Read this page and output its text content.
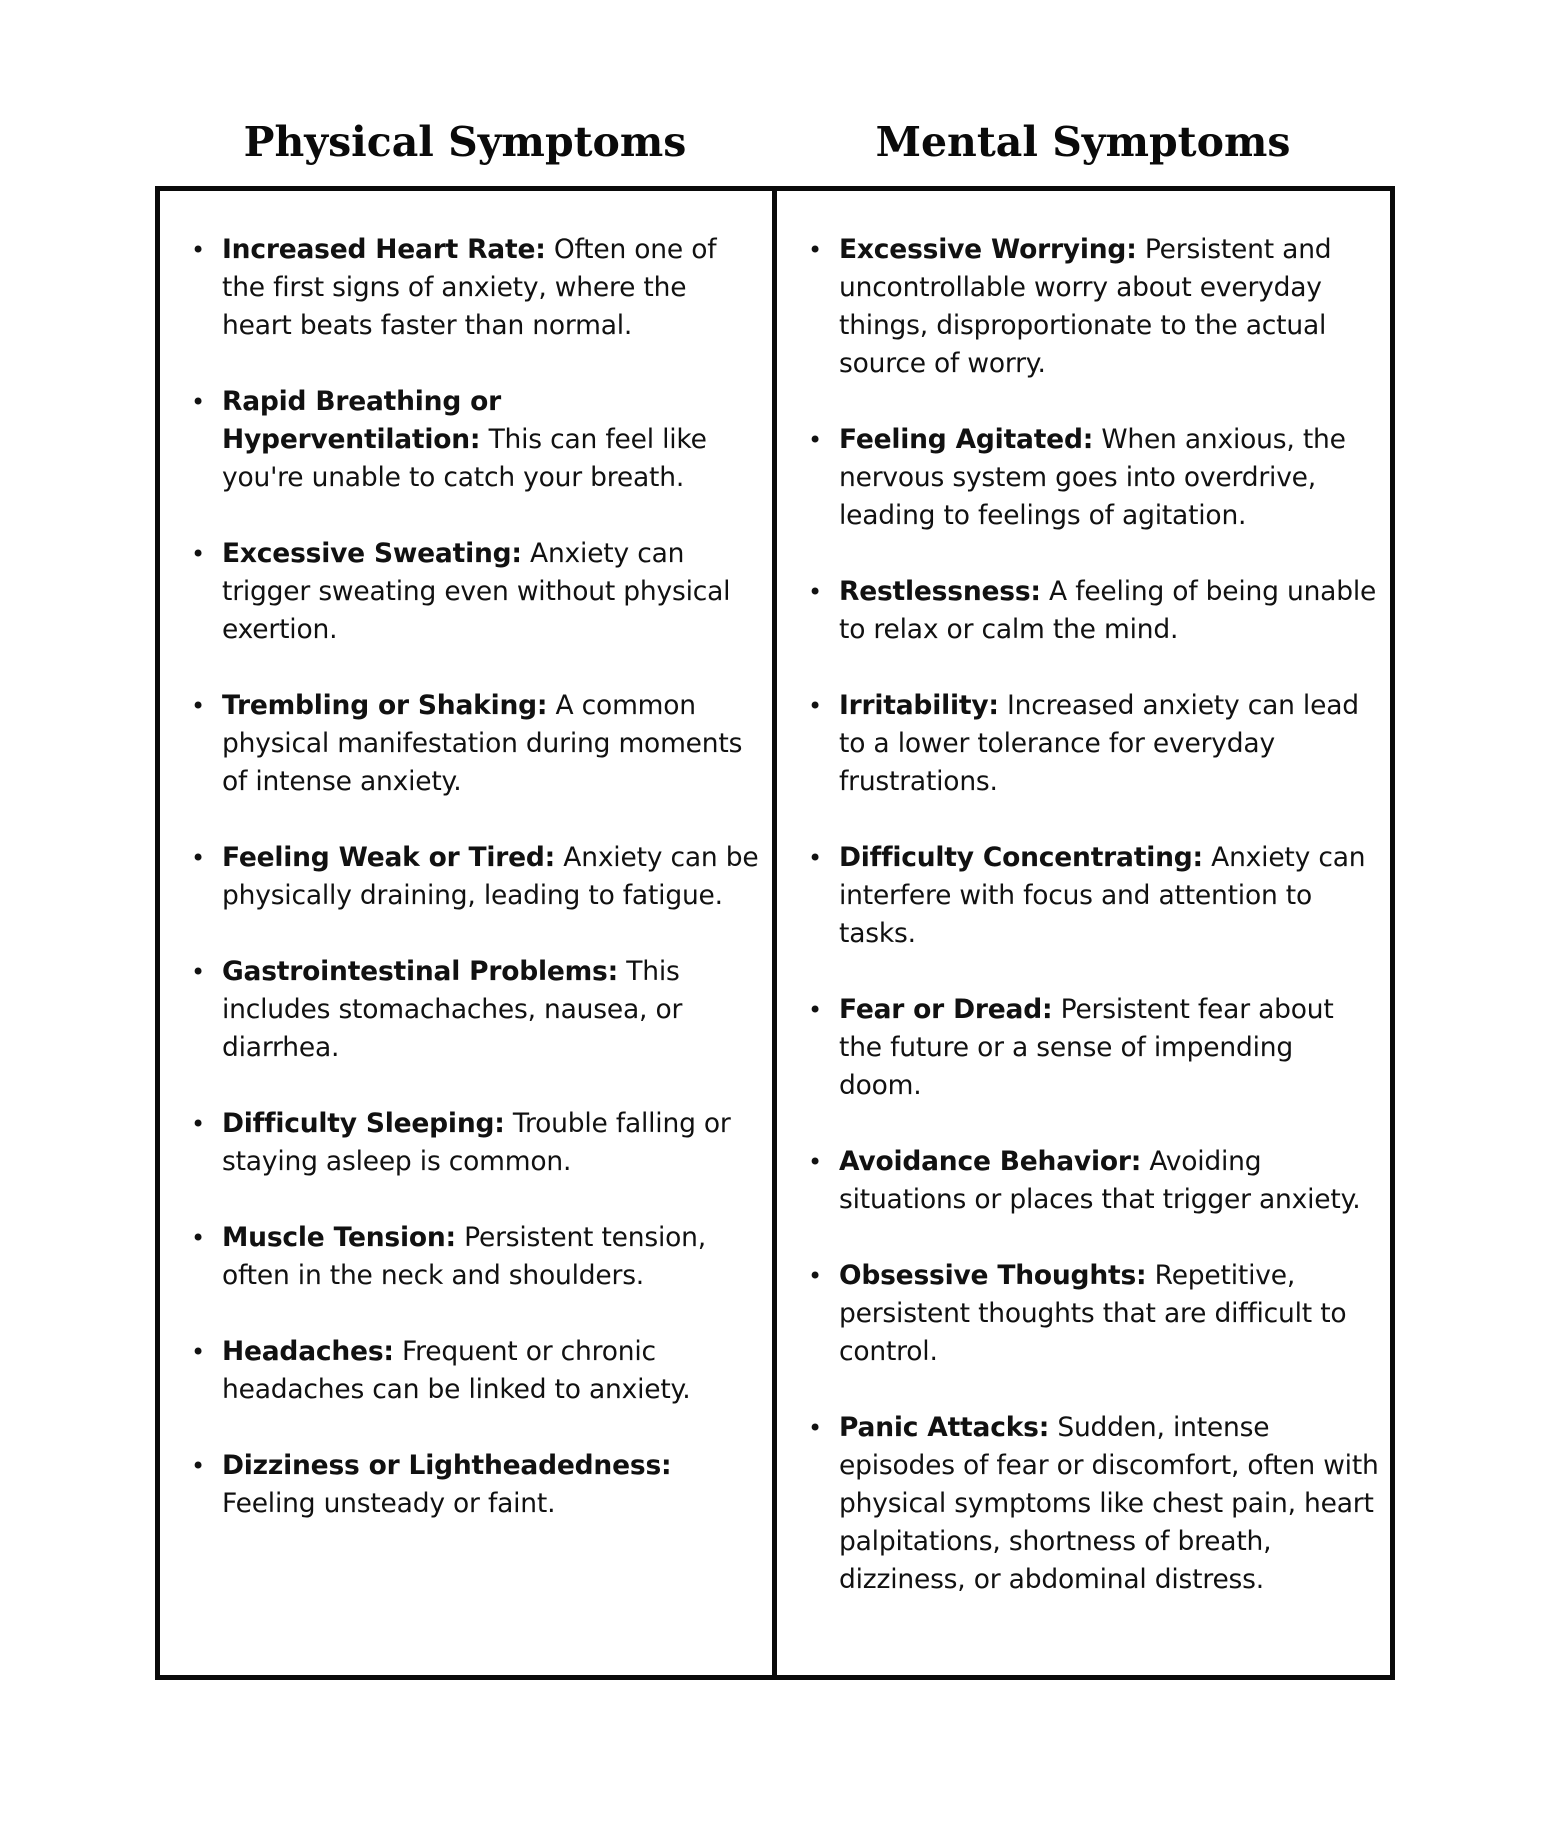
Physical Symptoms	Mental Symptoms
• Increased Heart Rate: Often one of the first signs of anxiety, where the heart beats faster than normal.
• Rapid Breathing or Hyperventilation: This can feel like you're unable to catch your breath.
• Excessive Sweating: Anxiety can trigger sweating even without physical exertion.
• Trembling or Shaking: A common physical manifestation during moments of intense anxiety.
• Feeling Weak or Tired: Anxiety can be physically draining, leading to fatigue.
• Gastrointestinal Problems: This includes stomachaches, nausea, or diarrhea.
• Difficulty Sleeping: Trouble falling or staying asleep is common.
• Muscle Tension: Persistent tension, often in the neck and shoulders.
• Headaches: Frequent or chronic headaches can be linked to anxiety.
• Dizziness or Lightheadedness: Feeling unsteady or faint.
• Excessive Worrying: Persistent and uncontrollable worry about everyday things, disproportionate to the actual source of worry.
• Feeling Agitated: When anxious, the nervous system goes into overdrive, leading to feelings of agitation.
• Restlessness: A feeling of being unable to relax or calm the mind.
• Irritability: Increased anxiety can lead to a lower tolerance for everyday frustrations.
• Difficulty Concentrating: Anxiety can interfere with focus and attention to tasks.
• Fear or Dread: Persistent fear about the future or a sense of impending doom.
• Avoidance Behavior: Avoiding situations or places that trigger anxiety.
• Obsessive Thoughts: Repetitive, persistent thoughts that are difficult to control.
• Panic Attacks: Sudden, intense episodes of fear or discomfort, often with physical symptoms like chest pain, heart palpitations, shortness of breath, dizziness, or abdominal distress.
